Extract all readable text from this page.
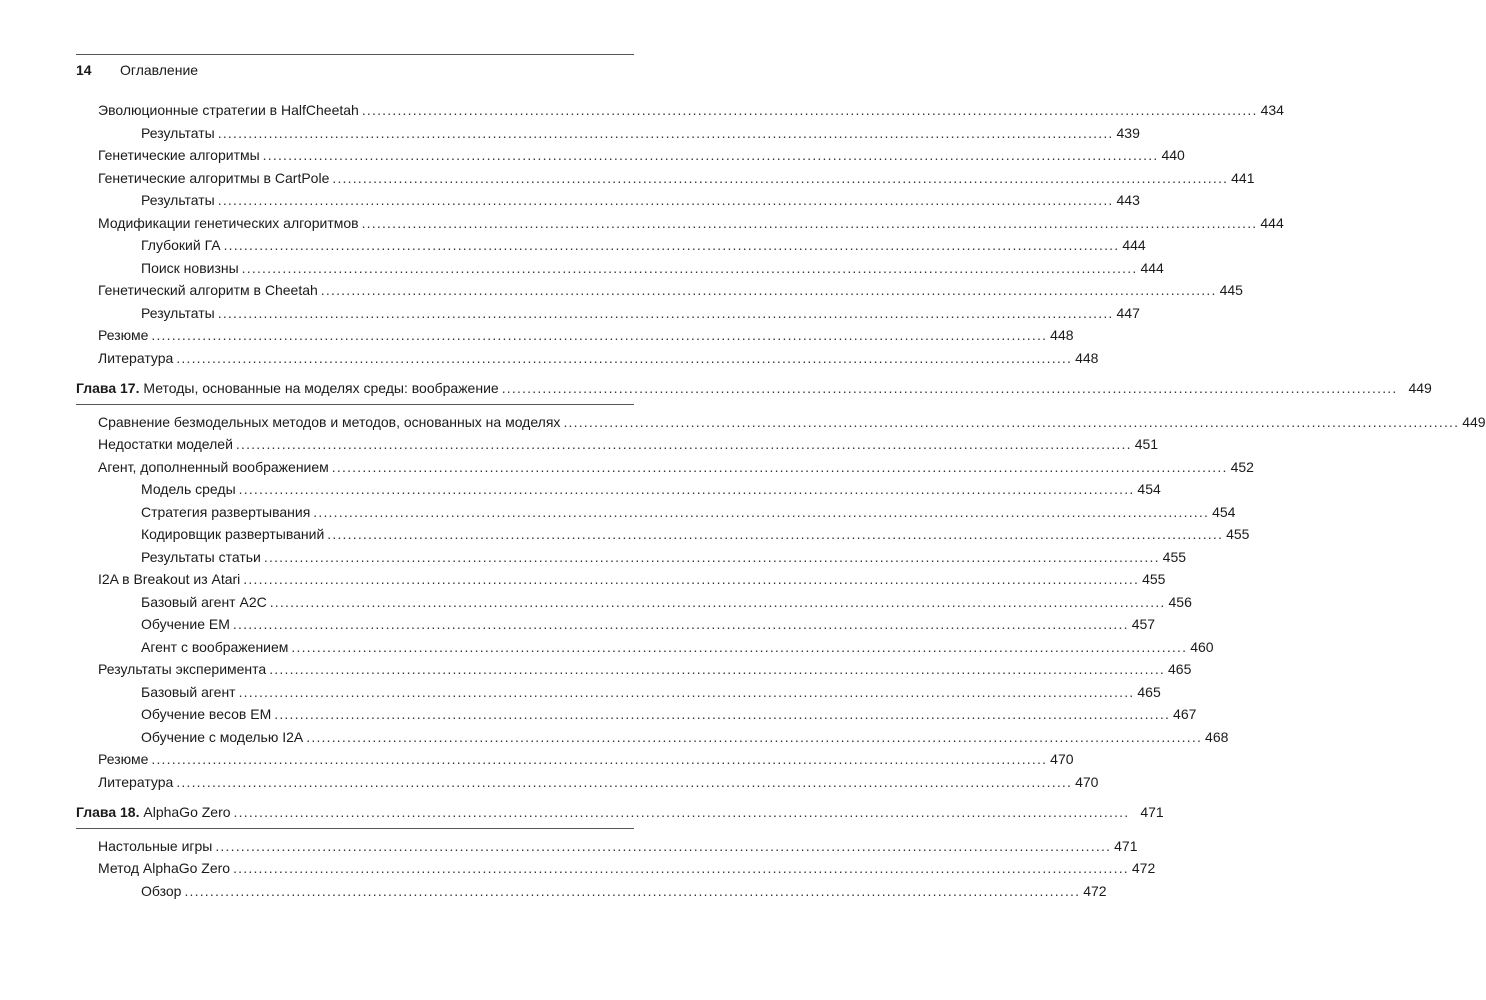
14 Оглавление
Эволюционные стратегии в HalfCheetah .....	434
Результаты .....	439
Генетические алгоритмы .....	440
Генетические алгоритмы в CartPole .....	441
Результаты .....	443
Модификации генетических алгоритмов .....	444
Глубокий ГА .....	444
Поиск новизны .....	444
Генетический алгоритм в Cheetah .....	445
Результаты .....	447
Резюме .....	448
Литература .....	448
Глава 17. Методы, основанные на моделях среды: воображение .....	449
Сравнение безмодельных методов и методов, основанных на моделях .....	449
Недостатки моделей .....	451
Агент, дополненный воображением .....	452
Модель среды .....	454
Стратегия развертывания .....	454
Кодировщик развертываний .....	455
Результаты статьи .....	455
I2A в Breakout из Atari .....	455
Базовый агент A2C .....	456
Обучение EM .....	457
Агент с воображением .....	460
Результаты эксперимента .....	465
Базовый агент .....	465
Обучение весов EM .....	467
Обучение с моделью I2A .....	468
Резюме .....	470
Литература .....	470
Глава 18. AlphaGo Zero .....	471
Настольные игры .....	471
Метод AlphaGo Zero .....	472
Обзор .....	472
